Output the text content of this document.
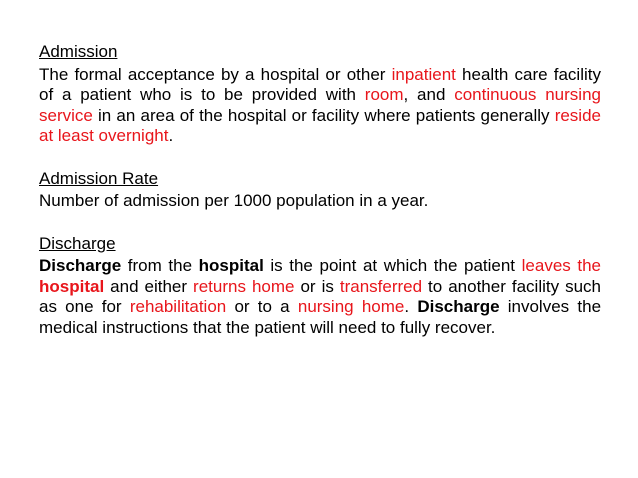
Admission
The formal acceptance by a hospital or other inpatient health care facility of a patient who is to be provided with room, and continuous nursing service in an area of the hospital or facility where patients generally reside at least overnight.
Admission Rate
Number of admission per 1000 population in a year.
Discharge
Discharge from the hospital is the point at which the patient leaves the hospital and either returns home or is transferred to another facility such as one for rehabilitation or to a nursing home. Discharge involves the medical instructions that the patient will need to fully recover.
